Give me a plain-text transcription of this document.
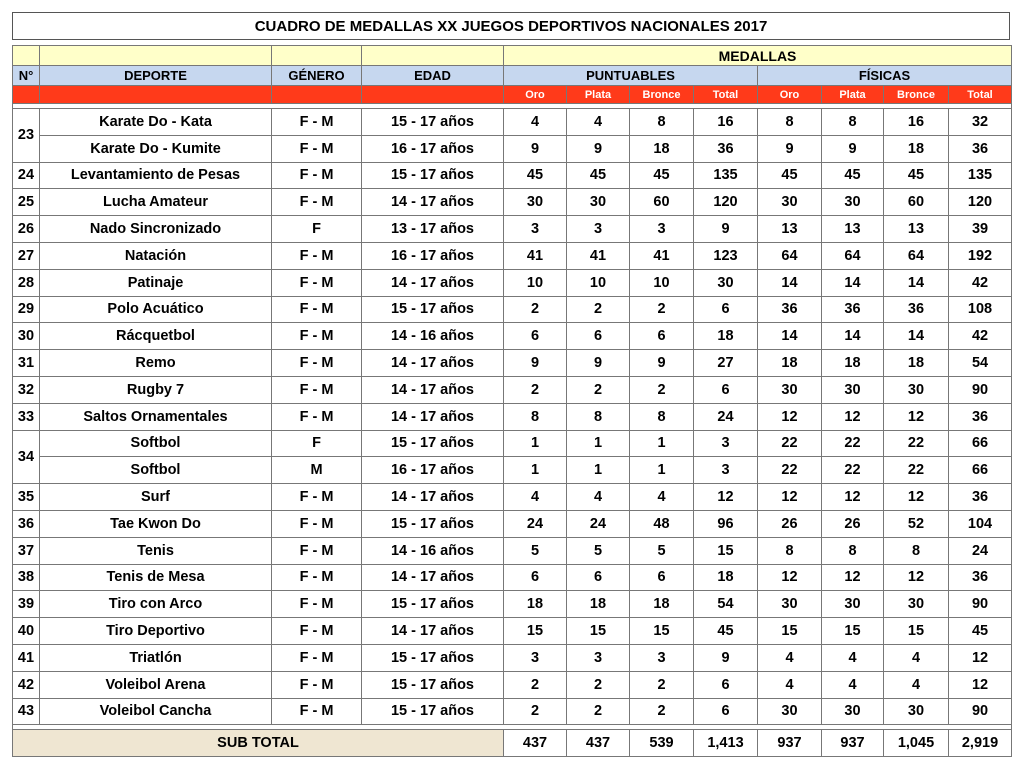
CUADRO DE MEDALLAS XX JUEGOS DEPORTIVOS NACIONALES 2017
				MEDALLAS							
N°	DEPORTE	GÉNERO	EDAD	PUNTUABLES				FÍSICAS			
				Oro	Plata	Bronce	Total	Oro	Plata	Bronce	Total

23	Karate Do - Kata	F - M	15 - 17 años	4	4	8	16	8	8	16	32
	Karate Do - Kumite	F - M	16 - 17 años	9	9	18	36	9	9	18	36
24	Levantamiento de Pesas	F - M	15 - 17 años	45	45	45	135	45	45	45	135
25	Lucha Amateur	F - M	14 - 17 años	30	30	60	120	30	30	60	120
26	Nado Sincronizado	F	13 - 17 años	3	3	3	9	13	13	13	39
27	Natación	F - M	16 - 17 años	41	41	41	123	64	64	64	192
28	Patinaje	F - M	14 - 17 años	10	10	10	30	14	14	14	42
29	Polo Acuático	F - M	15 - 17 años	2	2	2	6	36	36	36	108
30	Rácquetbol	F - M	14 - 16 años	6	6	6	18	14	14	14	42
31	Remo	F - M	14 - 17 años	9	9	9	27	18	18	18	54
32	Rugby 7	F - M	14 - 17 años	2	2	2	6	30	30	30	90
33	Saltos Ornamentales	F - M	14 - 17 años	8	8	8	24	12	12	12	36
34	Softbol	F	15 - 17 años	1	1	1	3	22	22	22	66
	Softbol	M	16 - 17 años	1	1	1	3	22	22	22	66
35	Surf	F - M	14 - 17 años	4	4	4	12	12	12	12	36
36	Tae Kwon Do	F - M	15 - 17 años	24	24	48	96	26	26	52	104
37	Tenis	F - M	14 - 16 años	5	5	5	15	8	8	8	24
38	Tenis de Mesa	F - M	14 - 17 años	6	6	6	18	12	12	12	36
39	Tiro con Arco	F - M	15 - 17 años	18	18	18	54	30	30	30	90
40	Tiro Deportivo	F - M	14 - 17 años	15	15	15	45	15	15	15	45
41	Triatlón	F - M	15 - 17 años	3	3	3	9	4	4	4	12
42	Voleibol Arena	F - M	15 - 17 años	2	2	2	6	4	4	4	12
43	Voleibol Cancha	F - M	15 - 17 años	2	2	2	6	30	30	30	90

SUB TOTAL				437	437	539	1,413	937	937	1,045	2,919
